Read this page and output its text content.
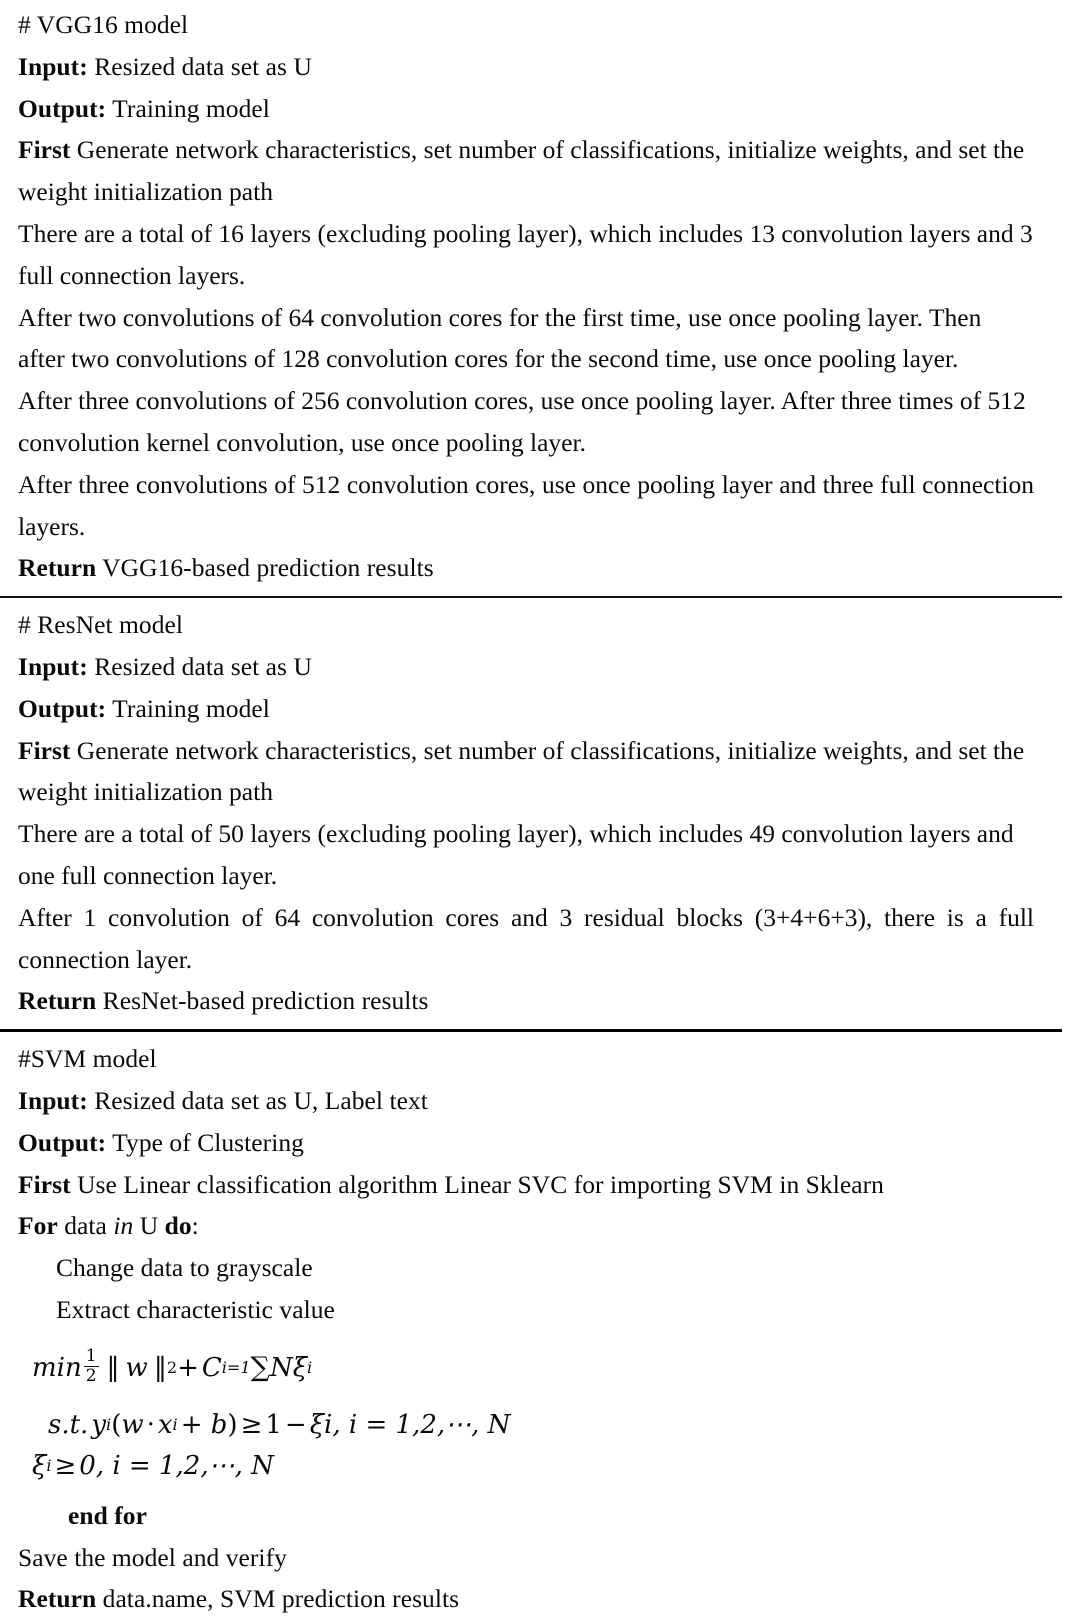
# VGG16 model
Input: Resized data set as U
Output: Training model
First Generate network characteristics, set number of classifications, initialize weights, and set the weight initialization path
There are a total of 16 layers (excluding pooling layer), which includes 13 convolution layers and 3 full connection layers.
After two convolutions of 64 convolution cores for the first time, use once pooling layer. Then after two convolutions of 128 convolution cores for the second time, use once pooling layer.
After three convolutions of 256 convolution cores, use once pooling layer. After three times of 512 convolution kernel convolution, use once pooling layer.
After three convolutions of 512 convolution cores, use once pooling layer and three full connection layers.
Return VGG16-based prediction results
# ResNet model
Input: Resized data set as U
Output: Training model
First Generate network characteristics, set number of classifications, initialize weights, and set the weight initialization path
There are a total of 50 layers (excluding pooling layer), which includes 49 convolution layers and one full connection layer.
After 1 convolution of 64 convolution cores and 3 residual blocks (3+4+6+3), there is a full connection layer.
Return ResNet-based prediction results
#SVM model
Input: Resized data set as U, Label text
Output: Type of Clustering
First Use Linear classification algorithm Linear SVC for importing SVM in Sklearn
For data in U do:
Change data to grayscale
Extract characteristic value
$\min \frac{1}{2}$ ‖ w ‖ 2 + C i=1 ∑ N ξ i
s.t. y i ( w · x i + b ) ≥ 1 − ξ i , i = 1,2,⋯, N
ξ i ≥ 0, i = 1,2,⋯, N
end for
Save the model and verify
Return data.name, SVM prediction results
